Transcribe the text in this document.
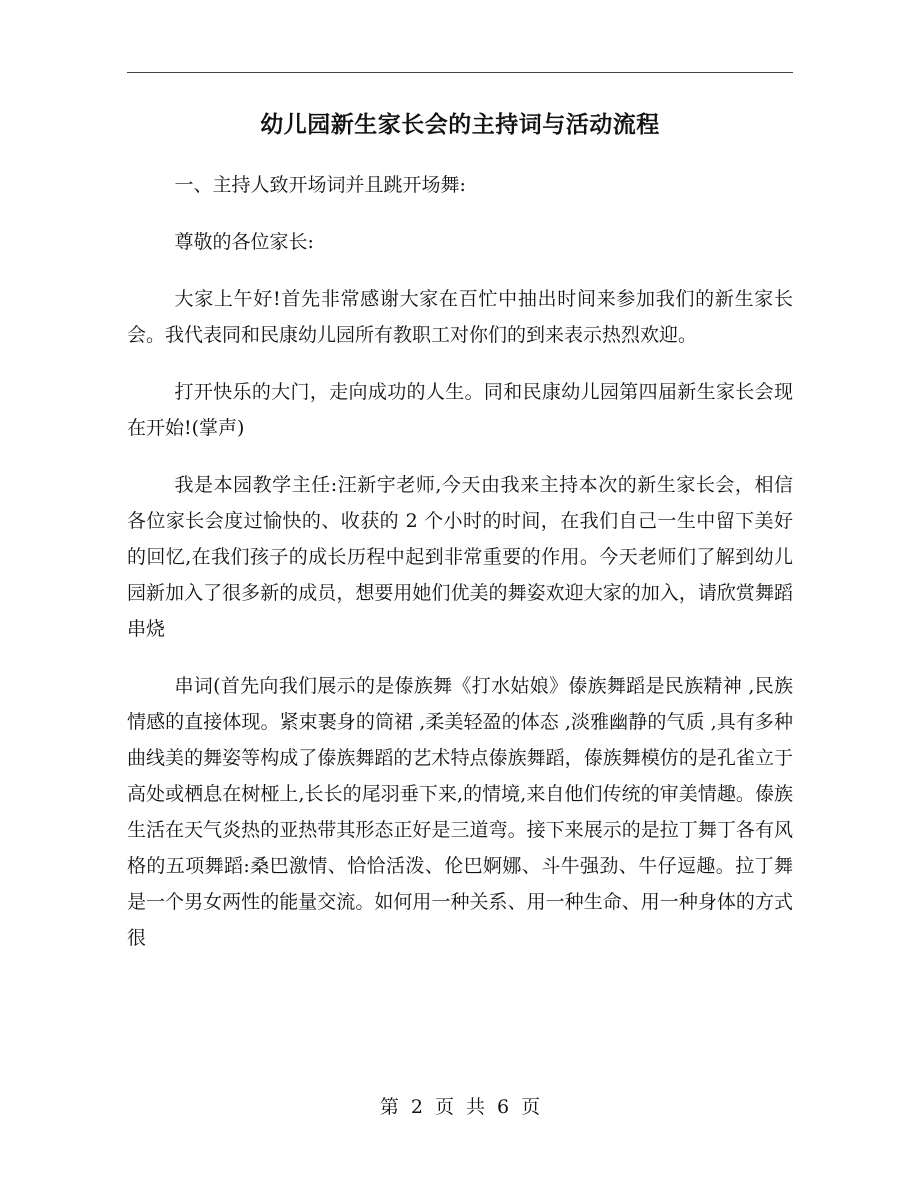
幼儿园新生家长会的主持词与活动流程

一、主持人致开场词并且跳开场舞:

尊敬的各位家长:

大家上午好!首先非常感谢大家在百忙中抽出时间来参加我们的新生家长会。我代表同和民康幼儿园所有教职工对你们的到来表示热烈欢迎。

打开快乐的大门，走向成功的人生。同和民康幼儿园第四届新生家长会现在开始!(掌声)

我是本园教学主任:汪新宇老师,今天由我来主持本次的新生家长会，相信各位家长会度过愉快的、收获的 2 个小时的时间，在我们自己一生中留下美好的回忆,在我们孩子的成长历程中起到非常重要的作用。今天老师们了解到幼儿园新加入了很多新的成员，想要用她们优美的舞姿欢迎大家的加入，请欣赏舞蹈串烧

串词(首先向我们展示的是傣族舞《打水姑娘》傣族舞蹈是民族精神 ,民族情感的直接体现。紧束裹身的筒裙 ,柔美轻盈的体态 ,淡雅幽静的气质 ,具有多种曲线美的舞姿等构成了傣族舞蹈的艺术特点傣族舞蹈，傣族舞模仿的是孔雀立于高处或栖息在树桠上,长长的尾羽垂下来,的情境,来自他们传统的审美情趣。傣族生活在天气炎热的亚热带其形态正好是三道弯。接下来展示的是拉丁舞丁各有风格的五项舞蹈:桑巴激情、恰恰活泼、伦巴婀娜、斗牛强劲、牛仔逗趣。拉丁舞是一个男女两性的能量交流。如何用一种关系、用一种生命、用一种身体的方式很

第 2 页 共 6 页
